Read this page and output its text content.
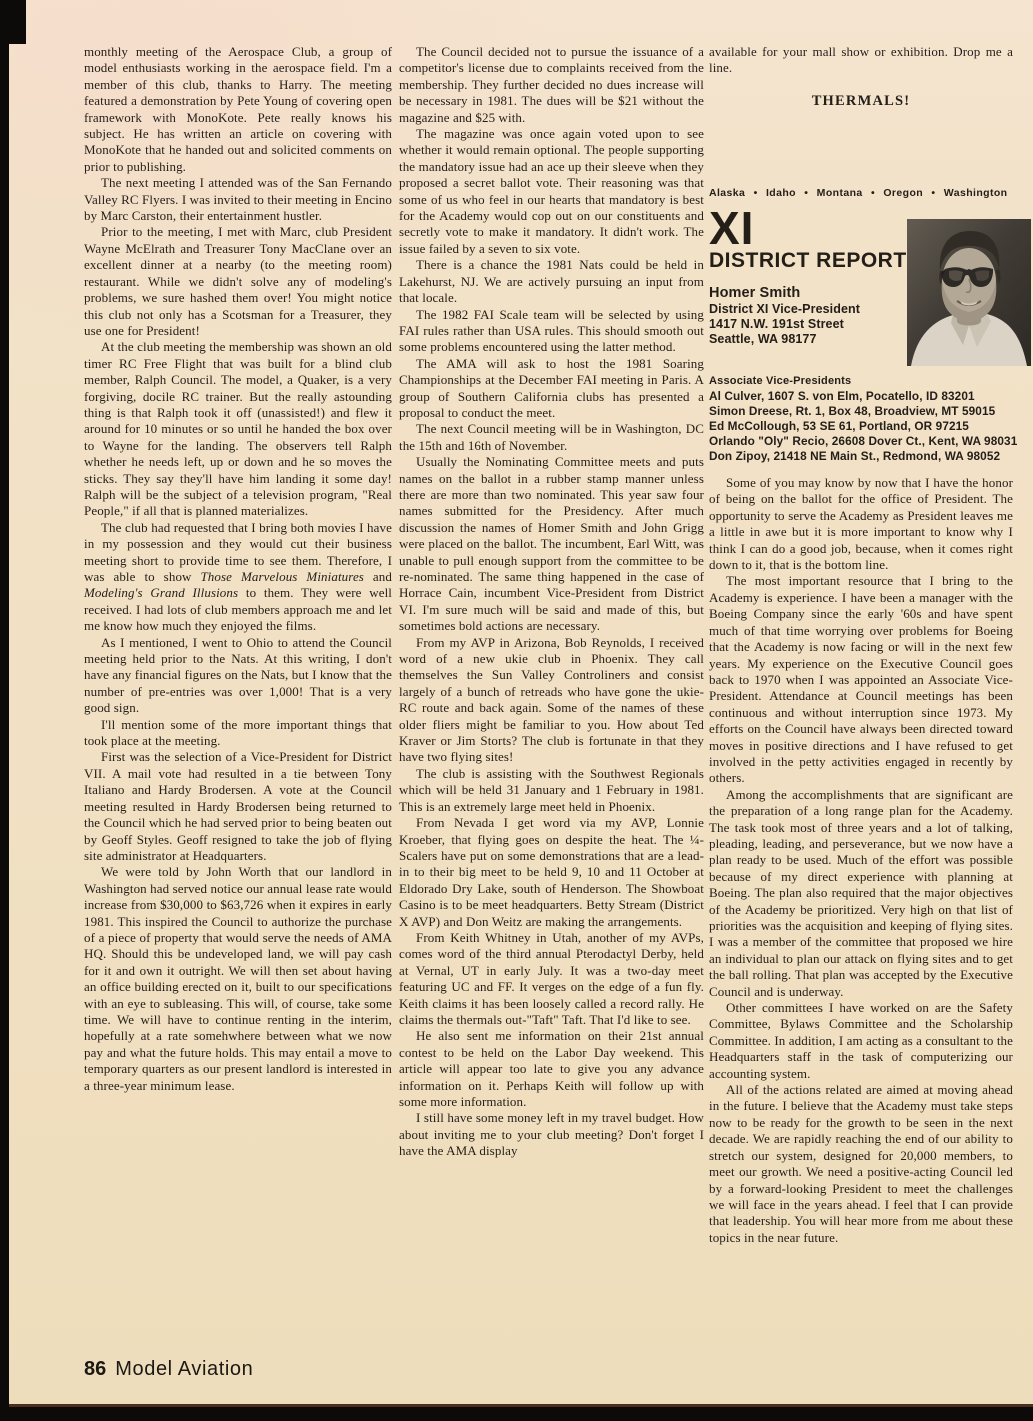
monthly meeting of the Aerospace Club, a group of model enthusiasts working in the aerospace field. I'm a member of this club, thanks to Harry. The meeting featured a demonstration by Pete Young of covering open framework with MonoKote. Pete really knows his subject. He has written an article on covering with MonoKote that he handed out and solicited comments on prior to publishing.

The next meeting I attended was of the San Fernando Valley RC Flyers. I was invited to their meeting in Encino by Marc Carston, their entertainment hustler.

Prior to the meeting, I met with Marc, club President Wayne McElrath and Treasurer Tony MacClane over an excellent dinner at a nearby (to the meeting room) restaurant. While we didn't solve any of modeling's problems, we sure hashed them over! You might notice this club not only has a Scotsman for a Treasurer, they use one for President!

At the club meeting the membership was shown an old timer RC Free Flight that was built for a blind club member, Ralph Council. The model, a Quaker, is a very forgiving, docile RC trainer. But the really astounding thing is that Ralph took it off (unassisted!) and flew it around for 10 minutes or so until he handed the box over to Wayne for the landing. The observers tell Ralph whether he needs left, up or down and he so moves the sticks. They say they'll have him landing it some day! Ralph will be the subject of a television program, "Real People," if all that is planned materializes.

The club had requested that I bring both movies I have in my possession and they would cut their business meeting short to provide time to see them. Therefore, I was able to show Those Marvelous Miniatures and Modeling's Grand Illusions to them. They were well received. I had lots of club members approach me and let me know how much they enjoyed the films.

As I mentioned, I went to Ohio to attend the Council meeting held prior to the Nats. At this writing, I don't have any financial figures on the Nats, but I know that the number of pre-entries was over 1,000! That is a very good sign.

I'll mention some of the more important things that took place at the meeting.

First was the selection of a Vice-President for District VII. A mail vote had resulted in a tie between Tony Italiano and Hardy Brodersen. A vote at the Council meeting resulted in Hardy Brodersen being returned to the Council which he had served prior to being beaten out by Geoff Styles. Geoff resigned to take the job of flying site administrator at Headquarters.

We were told by John Worth that our landlord in Washington had served notice our annual lease rate would increase from $30,000 to $63,726 when it expires in early 1981. This inspired the Council to authorize the purchase of a piece of property that would serve the needs of AMA HQ. Should this be undeveloped land, we will pay cash for it and own it outright. We will then set about having an office building erected on it, built to our specifications with an eye to subleasing. This will, of course, take some time. We will have to continue renting in the interim, hopefully at a rate somehwhere between what we now pay and what the future holds. This may entail a move to temporary quarters as our present landlord is interested in a three-year minimum lease.

The Council decided not to pursue the issuance of a competitor's license due to complaints received from the membership. They further decided no dues increase will be necessary in 1981. The dues will be $21 without the magazine and $25 with.

The magazine was once again voted upon to see whether it would remain optional. The people supporting the mandatory issue had an ace up their sleeve when they proposed a secret ballot vote. Their reasoning was that some of us who feel in our hearts that mandatory is best for the Academy would cop out on our constituents and secretly vote to make it mandatory. It didn't work. The issue failed by a seven to six vote.

There is a chance the 1981 Nats could be held in Lakehurst, NJ. We are actively pursuing an input from that locale.

The 1982 FAI Scale team will be selected by using FAI rules rather than USA rules. This should smooth out some problems encountered using the latter method.

The AMA will ask to host the 1981 Soaring Championships at the December FAI meeting in Paris. A group of Southern California clubs has presented a proposal to conduct the meet.

The next Council meeting will be in Washington, DC the 15th and 16th of November.

Usually the Nominating Committee meets and puts names on the ballot in a rubber stamp manner unless there are more than two nominated. This year saw four names submitted for the Presidency. After much discussion the names of Homer Smith and John Grigg were placed on the ballot. The incumbent, Earl Witt, was unable to pull enough support from the committee to be re-nominated. The same thing happened in the case of Horrace Cain, incumbent Vice-President from District VI. I'm sure much will be said and made of this, but sometimes bold actions are necessary.

From my AVP in Arizona, Bob Reynolds, I received word of a new ukie club in Phoenix. They call themselves the Sun Valley Controliners and consist largely of a bunch of retreads who have gone the ukie-RC route and back again. Some of the names of these older fliers might be familiar to you. How about Ted Kraver or Jim Storts? The club is fortunate in that they have two flying sites!

The club is assisting with the Southwest Regionals which will be held 31 January and 1 February in 1981. This is an extremely large meet held in Phoenix.

From Nevada I get word via my AVP, Lonnie Kroeber, that flying goes on despite the heat. The ¼-Scalers have put on some demonstrations that are a lead-in to their big meet to be held 9, 10 and 11 October at Eldorado Dry Lake, south of Henderson. The Showboat Casino is to be meet headquarters. Betty Stream (District X AVP) and Don Weitz are making the arrangements.

From Keith Whitney in Utah, another of my AVPs, comes word of the third annual Pterodactyl Derby, held at Vernal, UT in early July. It was a two-day meet featuring UC and FF. It verges on the edge of a fun fly. Keith claims it has been loosely called a record rally. He claims the thermals out-"Taft" Taft. That I'd like to see.

He also sent me information on their 21st annual contest to be held on the Labor Day weekend. This article will appear too late to give you any advance information on it. Perhaps Keith will follow up with some more information.

I still have some money left in my travel budget. How about inviting me to your club meeting? Don't forget I have the AMA display

available for your mall show or exhibition. Drop me a line.

THERMALS!
Alaska • Idaho • Montana • Oregon • Washington
XI
DISTRICT REPORT
Homer Smith
District XI Vice-President
1417 N.W. 191st Street
Seattle, WA 98177
Associate Vice-Presidents
Al Culver, 1607 S. von Elm, Pocatello, ID 83201
Simon Dreese, Rt. 1, Box 48, Broadview, MT 59015
Ed McCollough, 53 SE 61, Portland, OR 97215
Orlando "Oly" Recio, 26608 Dover Ct., Kent, WA 98031
Don Zipoy, 21418 NE Main St., Redmond, WA 98052

Some of you may know by now that I have the honor of being on the ballot for the office of President. The opportunity to serve the Academy as President leaves me a little in awe but it is more important to know why I think I can do a good job, because, when it comes right down to it, that is the bottom line.

The most important resource that I bring to the Academy is experience. I have been a manager with the Boeing Company since the early '60s and have spent much of that time worrying over problems for Boeing that the Academy is now facing or will in the next few years. My experience on the Executive Council goes back to 1970 when I was appointed an Associate Vice-President. Attendance at Council meetings has been continuous and without interruption since 1973. My efforts on the Council have always been directed toward moves in positive directions and I have refused to get involved in the petty activities engaged in recently by others.

Among the accomplishments that are significant are the preparation of a long range plan for the Academy. The task took most of three years and a lot of talking, pleading, leading, and perseverance, but we now have a plan ready to be used. Much of the effort was possible because of my direct experience with planning at Boeing. The plan also required that the major objectives of the Academy be prioritized. Very high on that list of priorities was the acquisition and keeping of flying sites. I was a member of the committee that proposed we hire an individual to plan our attack on flying sites and to get the ball rolling. That plan was accepted by the Executive Council and is underway.

Other committees I have worked on are the Safety Committee, Bylaws Committee and the Scholarship Committee. In addition, I am acting as a consultant to the Headquarters staff in the task of computerizing our accounting system.

All of the actions related are aimed at moving ahead in the future. I believe that the Academy must take steps now to be ready for the growth to be seen in the next decade. We are rapidly reaching the end of our ability to stretch our system, designed for 20,000 members, to meet our growth. We need a positive-acting Council led by a forward-looking President to meet the challenges we will face in the years ahead. I feel that I can provide that leadership. You will hear more from me about these topics in the near future.

86 Model Aviation
